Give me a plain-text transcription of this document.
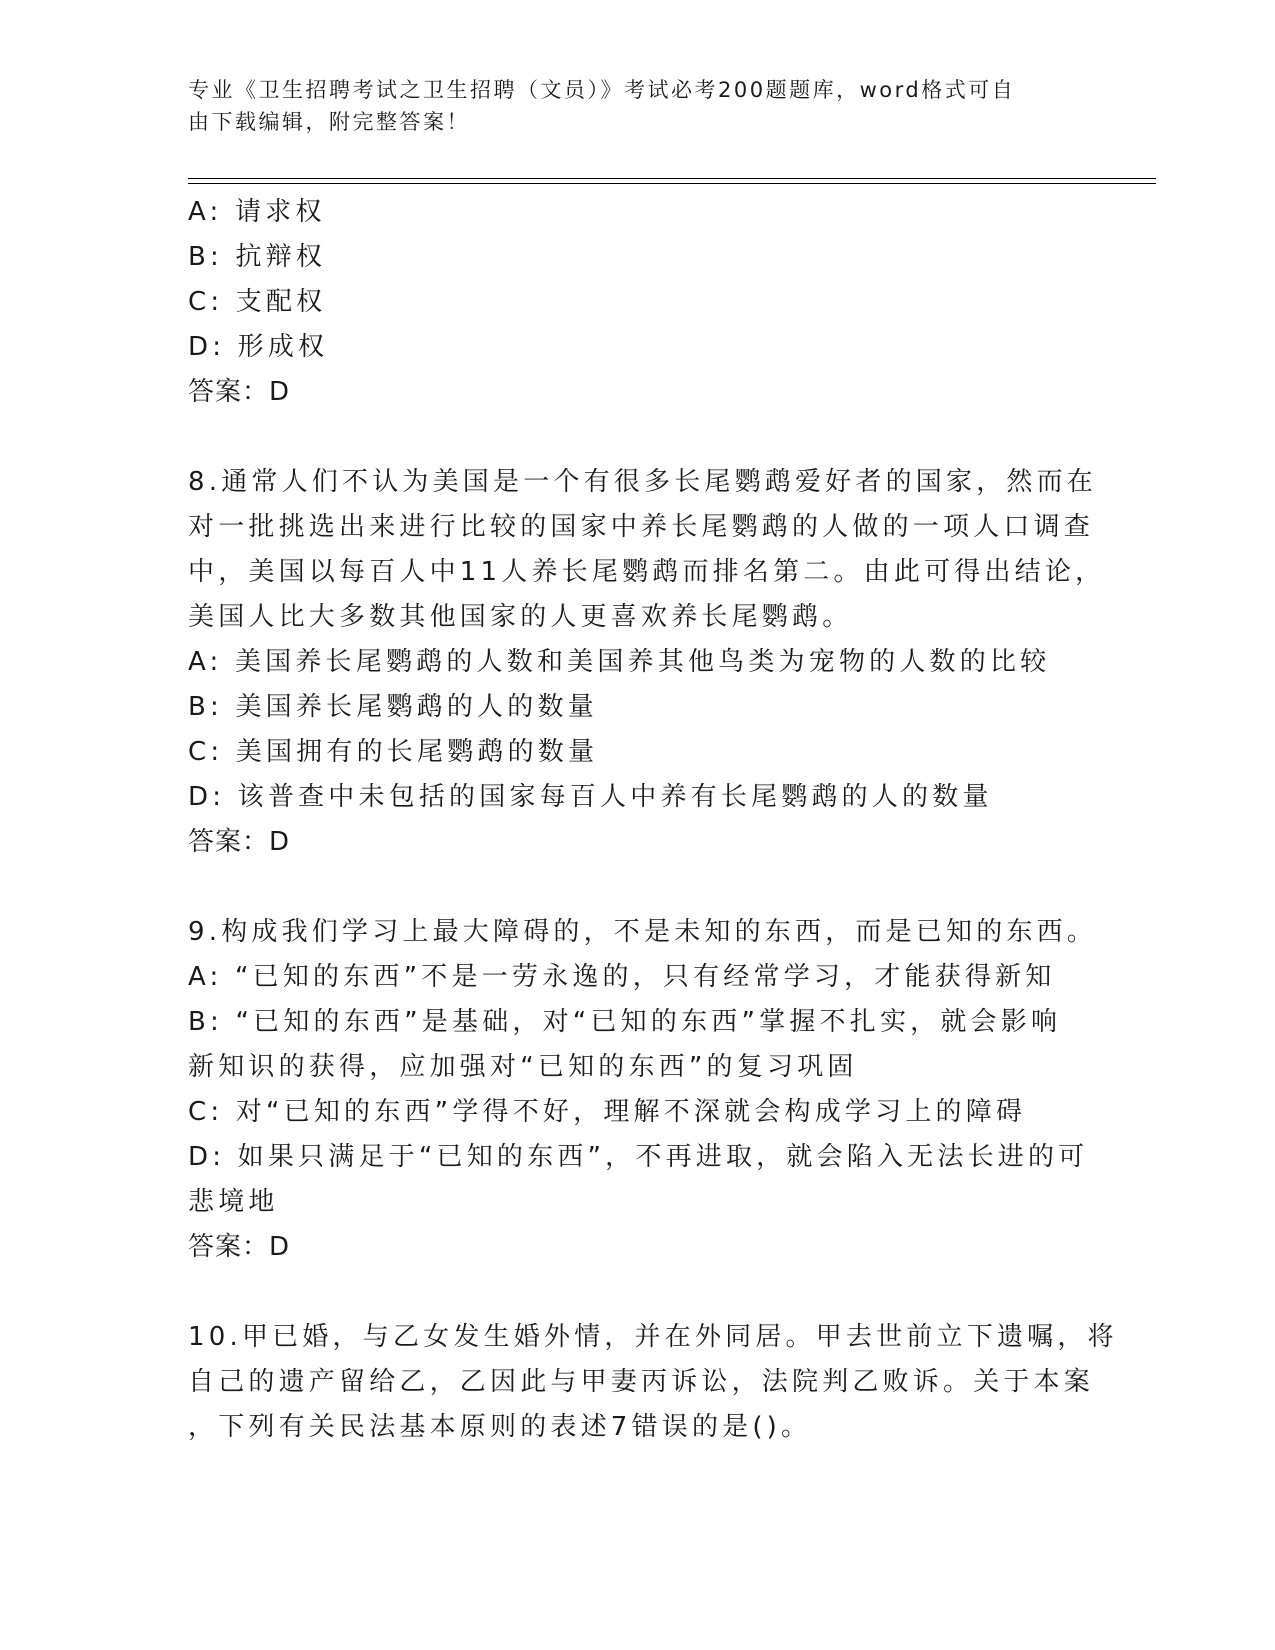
专业《卫生招聘考试之卫生招聘（文员）》考试必考200题题库，word格式可自
由下载编辑，附完整答案！
A: 请求权
B: 抗辩权
C: 支配权
D: 形成权
答案：D
8.通常人们不认为美国是一个有很多长尾鹦鹉爱好者的国家，然而在
对一批挑选出来进行比较的国家中养长尾鹦鹉的人做的一项人口调查
中，美国以每百人中11人养长尾鹦鹉而排名第二。由此可得出结论，
美国人比大多数其他国家的人更喜欢养长尾鹦鹉。
A: 美国养长尾鹦鹉的人数和美国养其他鸟类为宠物的人数的比较
B: 美国养长尾鹦鹉的人的数量
C: 美国拥有的长尾鹦鹉的数量
D: 该普查中未包括的国家每百人中养有长尾鹦鹉的人的数量
答案：D
9.构成我们学习上最大障碍的，不是未知的东西，而是已知的东西。
A: “已知的东西”不是一劳永逸的，只有经常学习，才能获得新知
B: “已知的东西”是基础，对“已知的东西”掌握不扎实，就会影响
新知识的获得，应加强对“已知的东西”的复习巩固
C: 对“已知的东西”学得不好，理解不深就会构成学习上的障碍
D: 如果只满足于“已知的东西”，不再进取，就会陷入无法长进的可
悲境地
答案：D
10.甲已婚，与乙女发生婚外情，并在外同居。甲去世前立下遗嘱，将
自己的遗产留给乙，乙因此与甲妻丙诉讼，法院判乙败诉。关于本案
，下列有关民法基本原则的表述7错误的是()。
